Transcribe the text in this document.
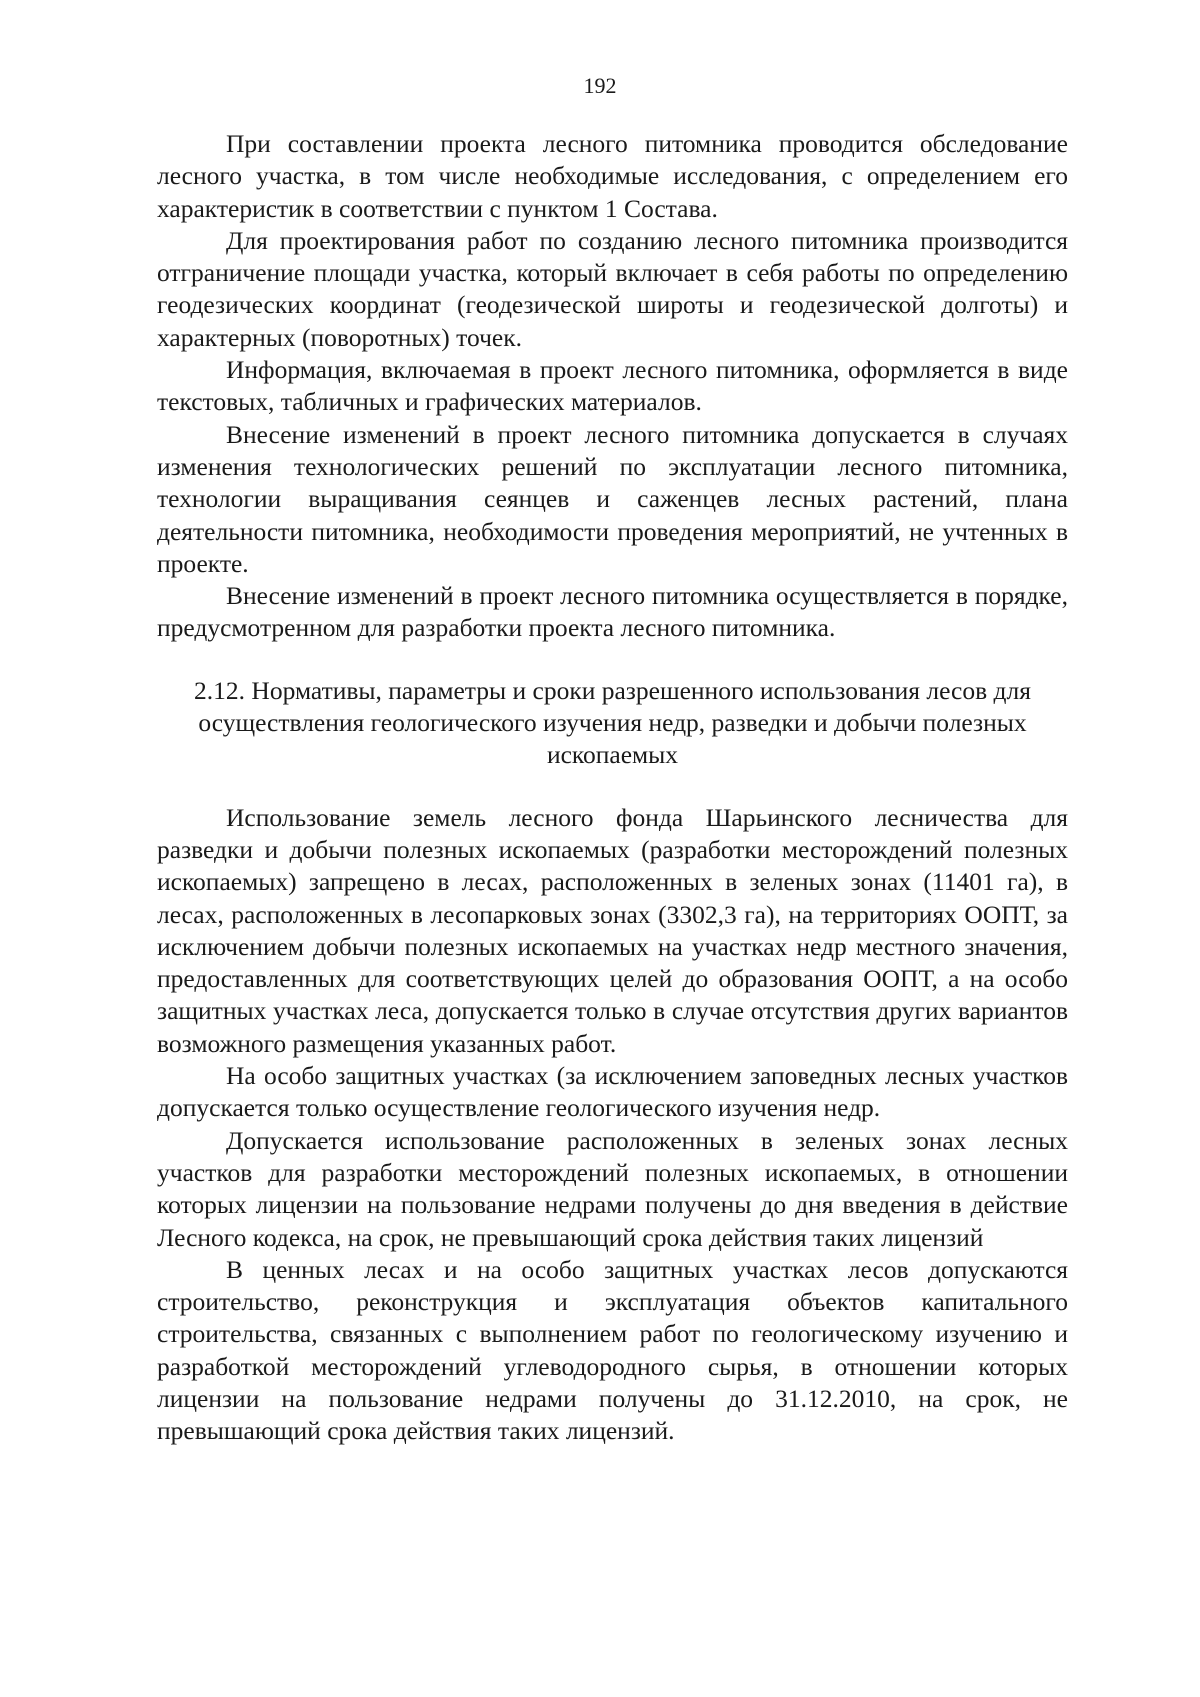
192

При составлении проекта лесного питомника проводится обследование лесного участка, в том числе необходимые исследования, с определением его характеристик в соответствии с пунктом 1 Состава.

Для проектирования работ по созданию лесного питомника производится отграничение площади участка, который включает в себя работы по определению геодезических координат (геодезической широты и геодезической долготы) и характерных (поворотных) точек.

Информация, включаемая в проект лесного питомника, оформляется в виде текстовых, табличных и графических материалов.

Внесение изменений в проект лесного питомника допускается в случаях изменения технологических решений по эксплуатации лесного питомника, технологии выращивания сеянцев и саженцев лесных растений, плана деятельности питомника, необходимости проведения мероприятий, не учтенных в проекте.

Внесение изменений в проект лесного питомника осуществляется в порядке, предусмотренном для разработки проекта лесного питомника.

2.12. Нормативы, параметры и сроки разрешенного использования лесов для осуществления геологического изучения недр, разведки и добычи полезных ископаемых

Использование земель лесного фонда Шарьинского лесничества для разведки и добычи полезных ископаемых (разработки месторождений полезных ископаемых) запрещено в лесах, расположенных в зеленых зонах (11401 га), в лесах, расположенных в лесопарковых зонах (3302,3 га), на территориях ООПТ, за исключением добычи полезных ископаемых на участках недр местного значения, предоставленных для соответствующих целей до образования ООПТ, а на особо защитных участках леса, допускается только в случае отсутствия других вариантов возможного размещения указанных работ.

На особо защитных участках (за исключением заповедных лесных участков допускается только осуществление геологического изучения недр.

Допускается использование расположенных в зеленых зонах лесных участков для разработки месторождений полезных ископаемых, в отношении которых лицензии на пользование недрами получены до дня введения в действие Лесного кодекса, на срок, не превышающий срока действия таких лицензий

В ценных лесах и на особо защитных участках лесов допускаются строительство, реконструкция и эксплуатация объектов капитального строительства, связанных с выполнением работ по геологическому изучению и разработкой месторождений углеводородного сырья, в отношении которых лицензии на пользование недрами получены до 31.12.2010, на срок, не превышающий срока действия таких лицензий.
